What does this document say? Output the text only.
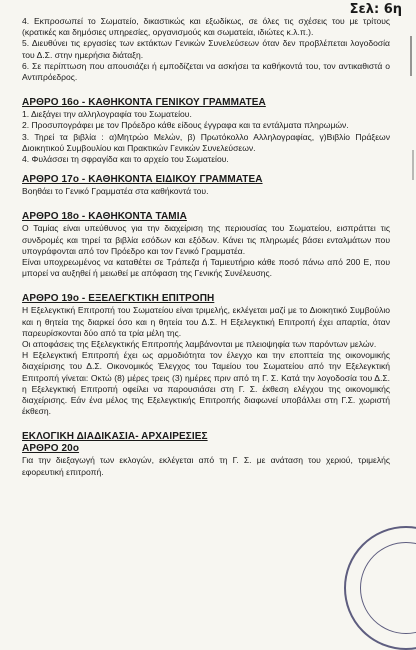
Σελ: 6η

4. Εκπροσωπεί το Σωματείο, δικαστικώς και εξωδίκως, σε όλες τις σχέσεις του με τρίτους (κρατικές και δημόσιες υπηρεσίες, οργανισμούς και σωματεία, ιδιώτες κ.λ.π.).

5. Διευθύνει τις εργασίες των εκτάκτων Γενικών Συνελεύσεων όταν δεν προβλέπεται λογοδοσία του Δ.Σ. στην ημερήσια διάταξη.

6. Σε περίπτωση που απουσιάζει ή εμποδίζεται να ασκήσει τα καθήκοντά του, τον αντικαθιστά ο Αντιπρόεδρος.

ΑΡΘΡΟ 16ο - ΚΑΘΗΚΟΝΤΑ ΓΕΝΙΚΟΥ ΓΡΑΜΜΑΤΕΑ

1. Διεξάγει την αλληλογραφία του Σωματείου.

2. Προσυπογράφει με τον Πρόεδρο κάθε είδους έγγραφα και τα εντάλματα πληρωμών.

3. Τηρεί τα βιβλία : α)Μητρώο Μελών, β) Πρωτόκολλο Αλληλογραφίας, γ)Βιβλίο Πράξεων Διοικητικού Συμβουλίου και Πρακτικών Γενικών Συνελεύσεων.

4. Φυλάσσει τη σφραγίδα και το αρχείο του Σωματείου.

ΑΡΘΡΟ 17ο - ΚΑΘΗΚΟΝΤΑ ΕΙΔΙΚΟΥ ΓΡΑΜΜΑΤΕΑ

Βοηθάει το Γενικό Γραμματέα στα καθήκοντά του.

ΑΡΘΡΟ 18ο - ΚΑΘΗΚΟΝΤΑ ΤΑΜΙΑ

Ο Ταμίας είναι υπεύθυνος για την διαχείριση της περιουσίας του Σωματείου, εισπράττει τις συνδρομές και τηρεί τα βιβλία εσόδων και εξόδων. Κάνει τις πληρωμές βάσει ενταλμάτων που υπογράφονται από τον Πρόεδρο και τον Γενικό Γραμματέα.

Είναι υποχρεωμένος να καταθέτει σε Τράπεζα ή Ταμιευτήριο κάθε ποσό πάνω από 200 Ε, που μπορεί να αυξηθεί ή μειωθεί με απόφαση της Γενικής Συνέλευσης.

ΑΡΘΡΟ 19ο - ΕΞΕΛΕΓΚΤΙΚΗ ΕΠΙΤΡΟΠΗ

Η Εξελεγκτική Επιτροπή του Σωματείου είναι τριμελής, εκλέγεται μαζί με το Διοικητικό Συμβούλιο και η θητεία της διαρκεί όσο και η θητεία του Δ.Σ. Η Εξελεγκτική Επιτροπή έχει απαρτία, όταν παρευρίσκονται δύο από τα τρία μέλη της.

Οι αποφάσεις της Εξελεγκτικής Επιτροπής λαμβάνονται με πλειοψηφία των παρόντων μελών.

Η Εξελεγκτική Επιτροπή έχει ως αρμοδιότητα τον έλεγχο και την εποπτεία της οικονομικής διαχείρισης του Δ.Σ. Οικονομικός Έλεγχος του Ταμείου του Σωματείου από την Εξελεγκτική Επιτροπή γίνεται: Οκτώ (8) μέρες τρεις (3) ημέρες πριν από τη Γ. Σ. Κατά την λογοδοσία του Δ.Σ. η Εξελεγκτική Επιτροπή οφείλει να παρουσιάσει στη Γ. Σ. έκθεση ελέγχου της οικονομικής διαχείρισης. Εάν ένα μέλος της Εξελεγκτικής Επιτροπής διαφωνεί υποβάλλει στη Γ.Σ. χωριστή έκθεση.

ΕΚΛΟΓΙΚΗ ΔΙΑΔΙΚΑΣΙΑ- ΑΡΧΑΙΡΕΣΙΕΣ
ΑΡΘΡΟ 20ο

Για την διεξαγωγή των εκλογών, εκλέγεται από τη Γ. Σ. με ανάταση του χεριού, τριμελής εφορευτική επιτροπή.
